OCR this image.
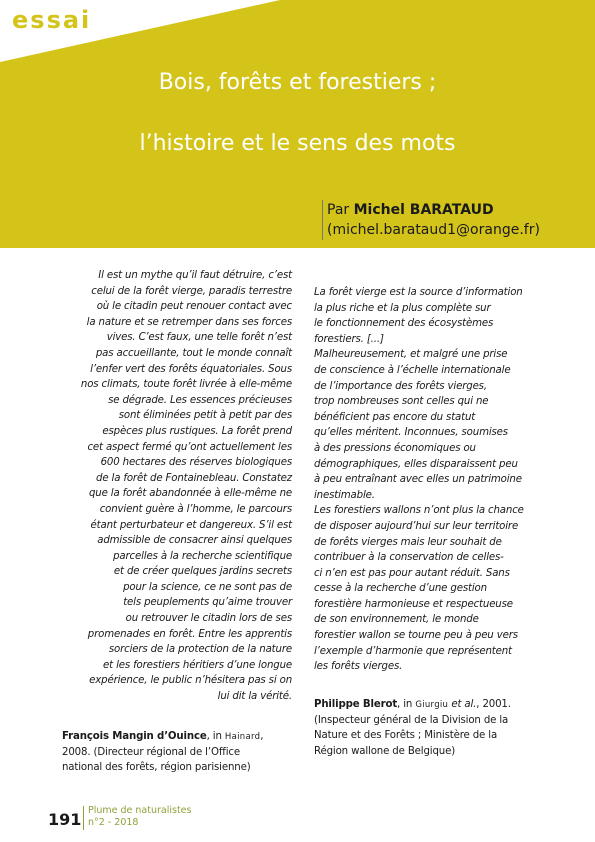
essai
Bois, forêts et forestiers ;
l’histoire et le sens des mots
Par Michel BARATAUD
(michel.barataud1@orange.fr)

Il est un mythe qu’il faut détruire, c’est

celui de la forêt vierge, paradis terrestre

où le citadin peut renouer contact avec

la nature et se retremper dans ses forces

vives. C’est faux, une telle forêt n’est

pas accueillante, tout le monde connaît

l’enfer vert des forêts équatoriales. Sous

nos climats, toute forêt livrée à elle-même

se dégrade. Les essences précieuses

sont éliminées petit à petit par des

espèces plus rustiques. La forêt prend

cet aspect fermé qu’ont actuellement les

600 hectares des réserves biologiques

de la forêt de Fontainebleau. Constatez

que la forêt abandonnée à elle-même ne

convient guère à l’homme, le parcours

étant perturbateur et dangereux. S’il est

admissible de consacrer ainsi quelques

parcelles à la recherche scientifique

et de créer quelques jardins secrets

pour la science, ce ne sont pas de

tels peuplements qu’aime trouver

ou retrouver le citadin lors de ses

promenades en forêt. Entre les apprentis

sorciers de la protection de la nature

et les forestiers héritiers d’une longue

expérience, le public n’hésitera pas si on

lui dit la vérité.

François Mangin d’Ouince, in Hainard,

2008. (Directeur régional de l’Office

national des forêts, région parisienne)

La forêt vierge est la source d’information

la plus riche et la plus complète sur

le fonctionnement des écosystèmes

forestiers. [...]

Malheureusement, et malgré une prise

de conscience à l’échelle internationale

de l’importance des forêts vierges,

trop nombreuses sont celles qui ne

bénéficient pas encore du statut

qu’elles méritent. Inconnues, soumises

à des pressions économiques ou

démographiques, elles disparaissent peu

à peu entraînant avec elles un patrimoine

inestimable.

Les forestiers wallons n’ont plus la chance

de disposer aujourd’hui sur leur territoire

de forêts vierges mais leur souhait de

contribuer à la conservation de celles-

ci n’en est pas pour autant réduit. Sans

cesse à la recherche d’une gestion

forestière harmonieuse et respectueuse

de son environnement, le monde

forestier wallon se tourne peu à peu vers

l’exemple d’harmonie que représentent

les forêts vierges.

Philippe Blerot, in Giurgiu et al., 2001.

(Inspecteur général de la Division de la

Nature et des Forêts ; Ministère de la

Région wallone de Belgique)

191 Plume de naturalistes
n°2 - 2018
